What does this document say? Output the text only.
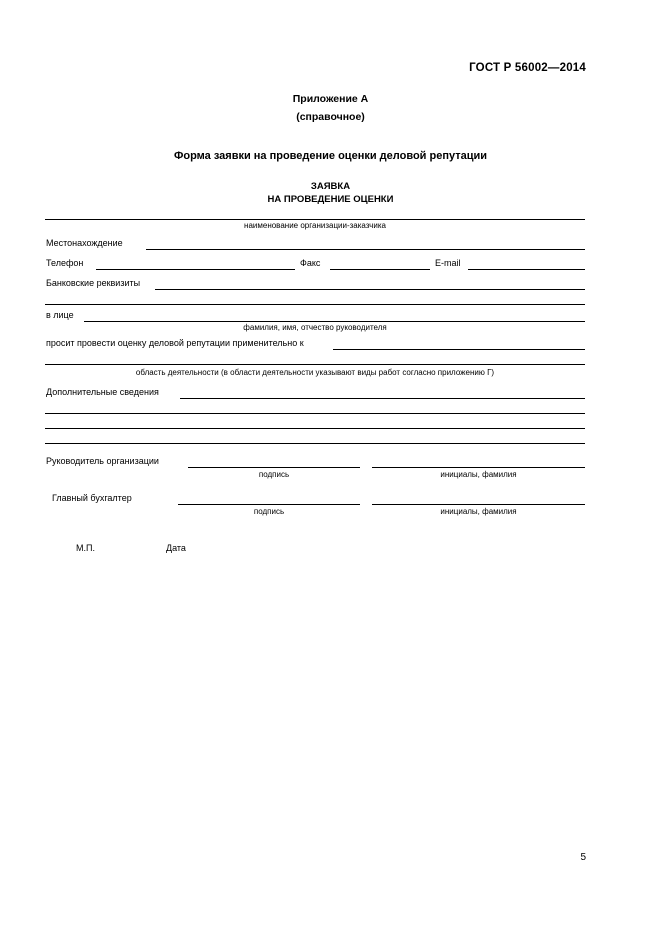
ГОСТ Р 56002—2014
Приложение А
(справочное)
Форма заявки на проведение оценки деловой репутации
ЗАЯВКА
НА ПРОВЕДЕНИЕ ОЦЕНКИ
наименование организации-заказчика
Местонахождение
Телефон	Факс	E-mail
Банковские реквизиты
в лице
фамилия, имя, отчество руководителя
просит провести оценку деловой репутации применительно к
область деятельности (в области деятельности указывают виды работ согласно приложению Г)
Дополнительные сведения
Руководитель организации
подпись	инициалы, фамилия
Главный бухгалтер
подпись	инициалы, фамилия
М.П.	Дата
5
